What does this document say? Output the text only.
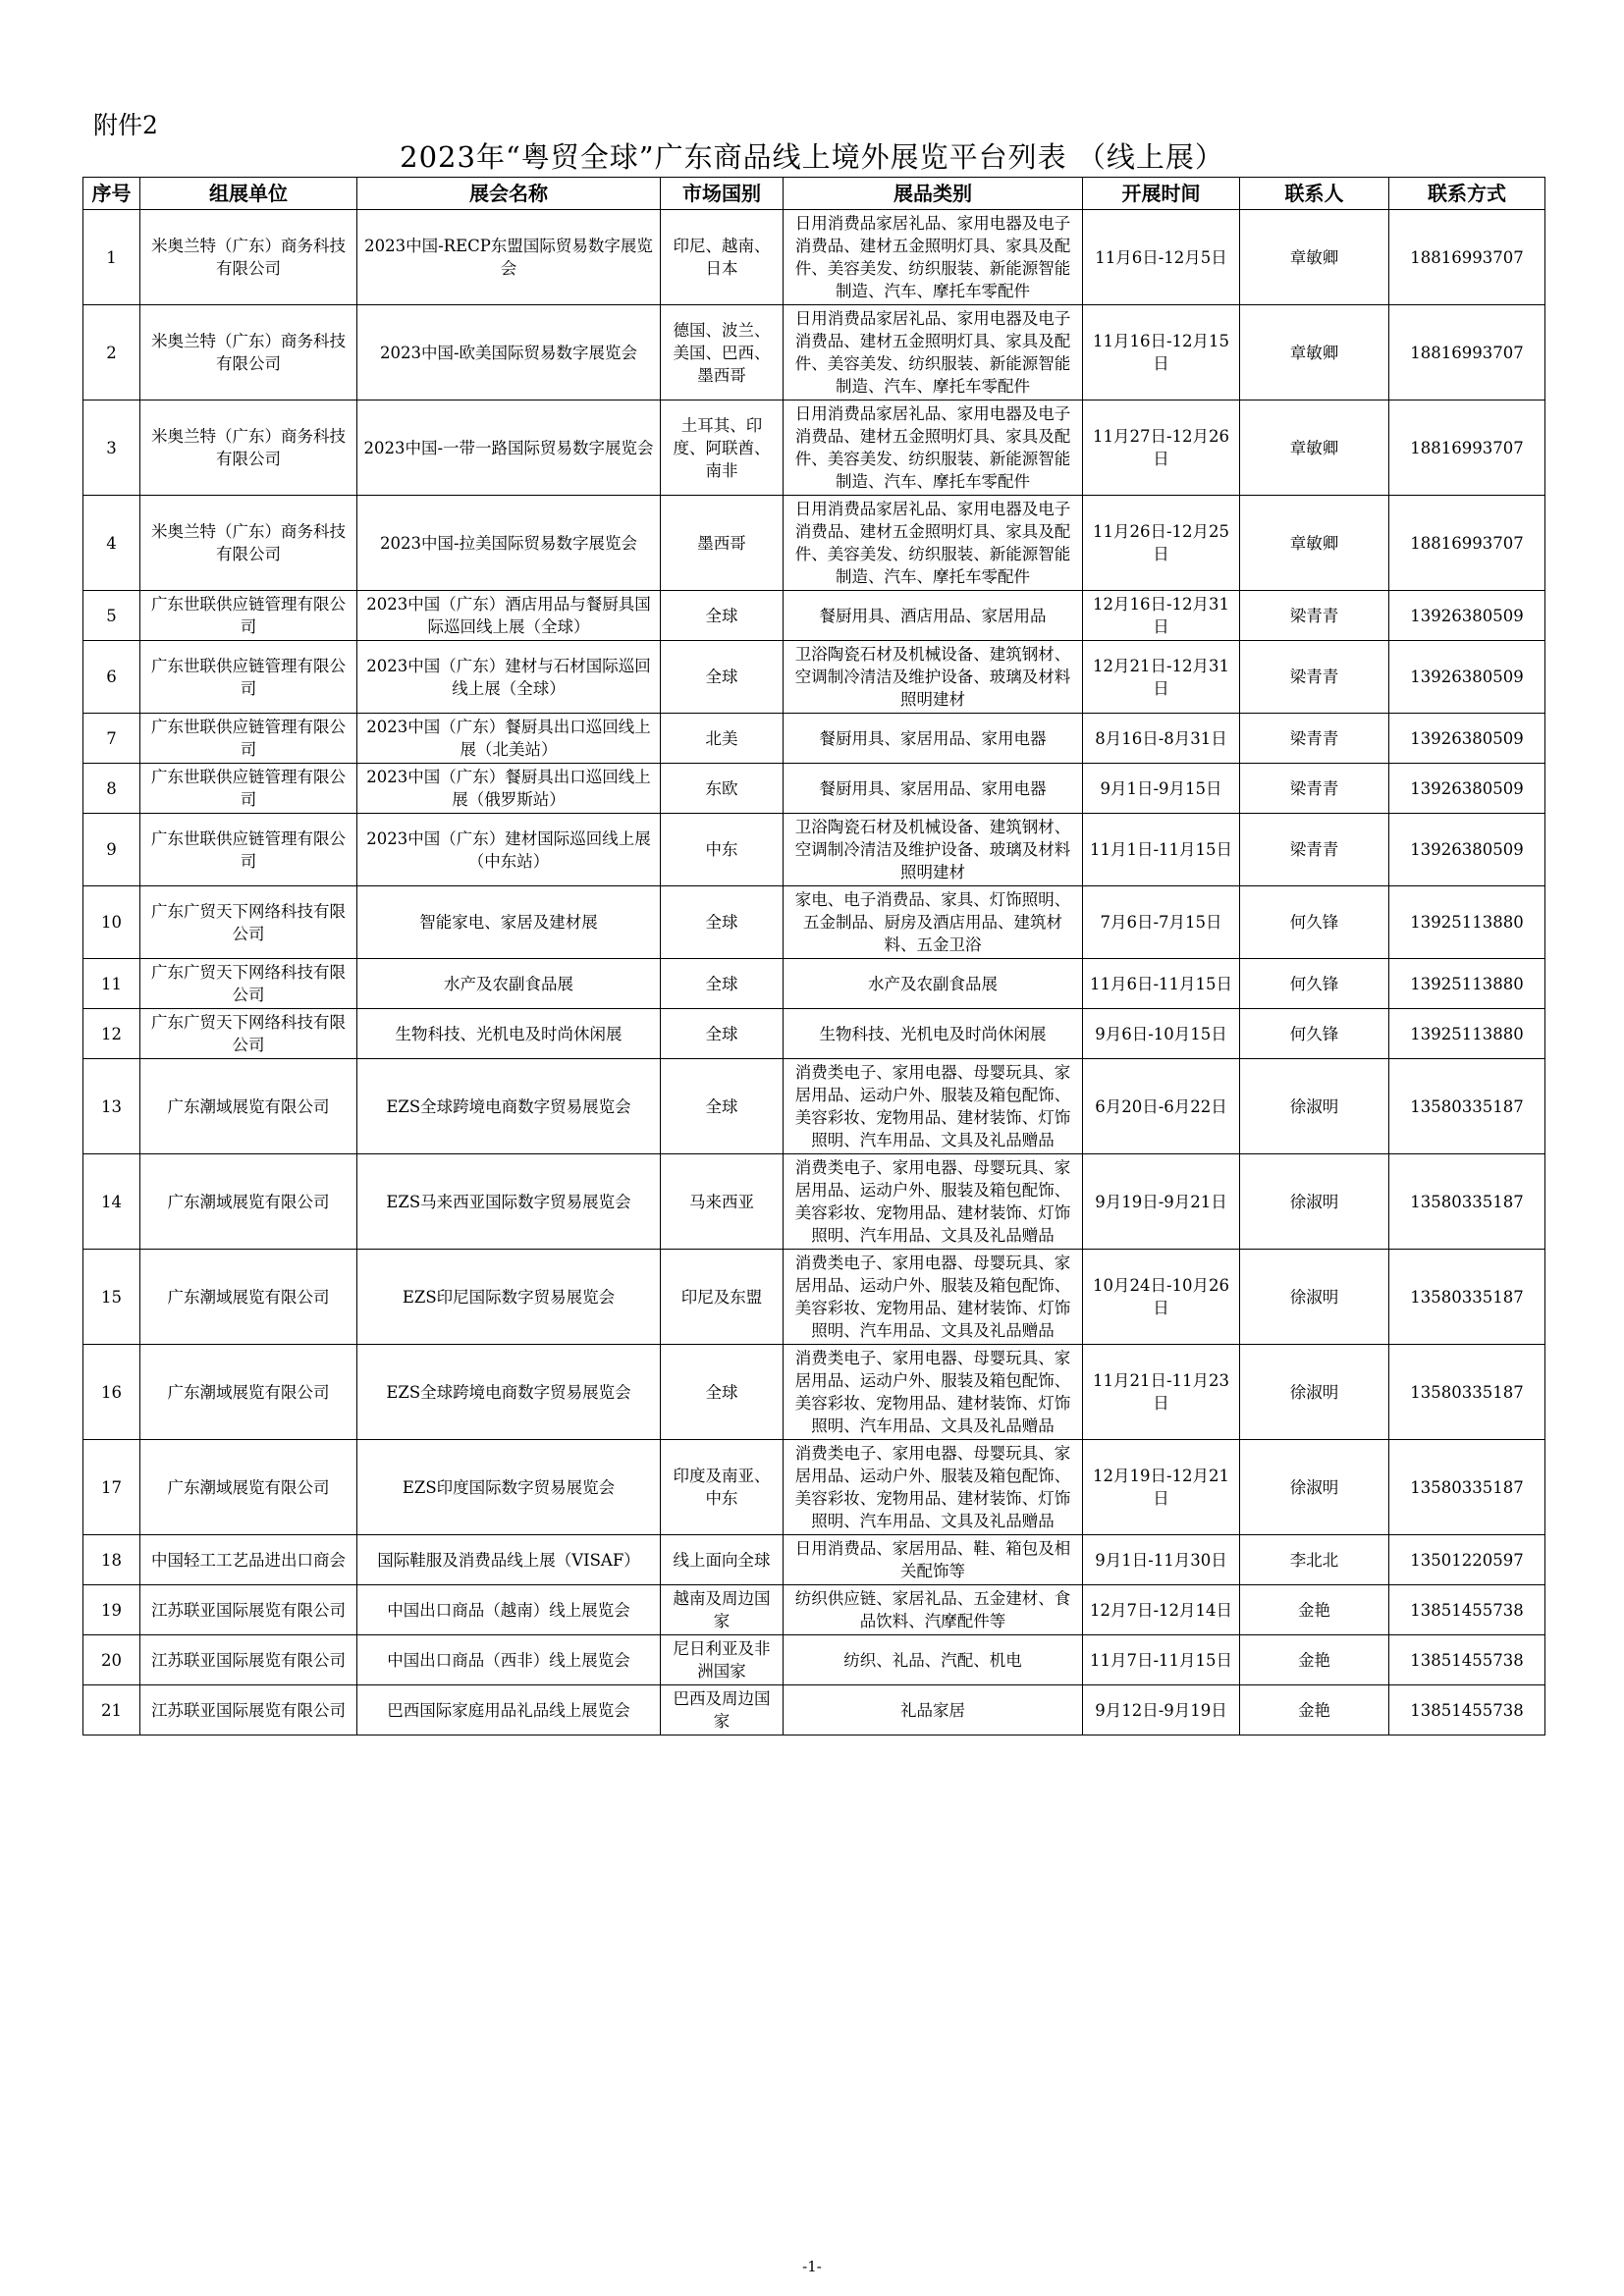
附件2
2023年“粤贸全球”广东商品线上境外展览平台列表 （线上展）
序号	组展单位	展会名称	市场国别	展品类别	开展时间	联系人	联系方式
1	米奥兰特（广东）商务科技有限公司	2023中国-RECP东盟国际贸易数字展览会	印尼、越南、日本	日用消费品家居礼品、家用电器及电子消费品、建材五金照明灯具、家具及配件、美容美发、纺织服装、新能源智能制造、汽车、摩托车零配件	11月6日-12月5日	章敏卿	18816993707
2	米奥兰特（广东）商务科技有限公司	2023中国-欧美国际贸易数字展览会	德国、波兰、美国、巴西、墨西哥	日用消费品家居礼品、家用电器及电子消费品、建材五金照明灯具、家具及配件、美容美发、纺织服装、新能源智能制造、汽车、摩托车零配件	11月16日-12月15日	章敏卿	18816993707
3	米奥兰特（广东）商务科技有限公司	2023中国-一带一路国际贸易数字展览会	土耳其、印度、阿联酋、南非	日用消费品家居礼品、家用电器及电子消费品、建材五金照明灯具、家具及配件、美容美发、纺织服装、新能源智能制造、汽车、摩托车零配件	11月27日-12月26日	章敏卿	18816993707
4	米奥兰特（广东）商务科技有限公司	2023中国-拉美国际贸易数字展览会	墨西哥	日用消费品家居礼品、家用电器及电子消费品、建材五金照明灯具、家具及配件、美容美发、纺织服装、新能源智能制造、汽车、摩托车零配件	11月26日-12月25日	章敏卿	18816993707
5	广东世联供应链管理有限公司	2023中国（广东）酒店用品与餐厨具国际巡回线上展（全球）	全球	餐厨用具、酒店用品、家居用品	12月16日-12月31日	梁青青	13926380509
6	广东世联供应链管理有限公司	2023中国（广东）建材与石材国际巡回线上展（全球）	全球	卫浴陶瓷石材及机械设备、建筑钢材、空调制冷清洁及维护设备、玻璃及材料照明建材	12月21日-12月31日	梁青青	13926380509
7	广东世联供应链管理有限公司	2023中国（广东）餐厨具出口巡回线上展（北美站）	北美	餐厨用具、家居用品、家用电器	8月16日-8月31日	梁青青	13926380509
8	广东世联供应链管理有限公司	2023中国（广东）餐厨具出口巡回线上展（俄罗斯站）	东欧	餐厨用具、家居用品、家用电器	9月1日-9月15日	梁青青	13926380509
9	广东世联供应链管理有限公司	2023中国（广东）建材国际巡回线上展（中东站）	中东	卫浴陶瓷石材及机械设备、建筑钢材、空调制冷清洁及维护设备、玻璃及材料照明建材	11月1日-11月15日	梁青青	13926380509
10	广东广贸天下网络科技有限公司	智能家电、家居及建材展	全球	家电、电子消费品、家具、灯饰照明、五金制品、厨房及酒店用品、建筑材料、五金卫浴	7月6日-7月15日	何久锋	13925113880
11	广东广贸天下网络科技有限公司	水产及农副食品展	全球	水产及农副食品展	11月6日-11月15日	何久锋	13925113880
12	广东广贸天下网络科技有限公司	生物科技、光机电及时尚休闲展	全球	生物科技、光机电及时尚休闲展	9月6日-10月15日	何久锋	13925113880
13	广东潮域展览有限公司	EZS全球跨境电商数字贸易展览会	全球	消费类电子、家用电器、母婴玩具、家居用品、运动户外、服装及箱包配饰、美容彩妆、宠物用品、建材装饰、灯饰照明、汽车用品、文具及礼品赠品	6月20日-6月22日	徐淑明	13580335187
14	广东潮域展览有限公司	EZS马来西亚国际数字贸易展览会	马来西亚	消费类电子、家用电器、母婴玩具、家居用品、运动户外、服装及箱包配饰、美容彩妆、宠物用品、建材装饰、灯饰照明、汽车用品、文具及礼品赠品	9月19日-9月21日	徐淑明	13580335187
15	广东潮域展览有限公司	EZS印尼国际数字贸易展览会	印尼及东盟	消费类电子、家用电器、母婴玩具、家居用品、运动户外、服装及箱包配饰、美容彩妆、宠物用品、建材装饰、灯饰照明、汽车用品、文具及礼品赠品	10月24日-10月26日	徐淑明	13580335187
16	广东潮域展览有限公司	EZS全球跨境电商数字贸易展览会	全球	消费类电子、家用电器、母婴玩具、家居用品、运动户外、服装及箱包配饰、美容彩妆、宠物用品、建材装饰、灯饰照明、汽车用品、文具及礼品赠品	11月21日-11月23日	徐淑明	13580335187
17	广东潮域展览有限公司	EZS印度国际数字贸易展览会	印度及南亚、中东	消费类电子、家用电器、母婴玩具、家居用品、运动户外、服装及箱包配饰、美容彩妆、宠物用品、建材装饰、灯饰照明、汽车用品、文具及礼品赠品	12月19日-12月21日	徐淑明	13580335187
18	中国轻工工艺品进出口商会	国际鞋服及消费品线上展（VISAF）	线上面向全球	日用消费品、家居用品、鞋、箱包及相关配饰等	9月1日-11月30日	李北北	13501220597
19	江苏联亚国际展览有限公司	中国出口商品（越南）线上展览会	越南及周边国家	纺织供应链、家居礼品、五金建材、食品饮料、汽摩配件等	12月7日-12月14日	金艳	13851455738
20	江苏联亚国际展览有限公司	中国出口商品（西非）线上展览会	尼日利亚及非洲国家	纺织、礼品、汽配、机电	11月7日-11月15日	金艳	13851455738
21	江苏联亚国际展览有限公司	巴西国际家庭用品礼品线上展览会	巴西及周边国家	礼品家居	9月12日-9月19日	金艳	13851455738
-1-
